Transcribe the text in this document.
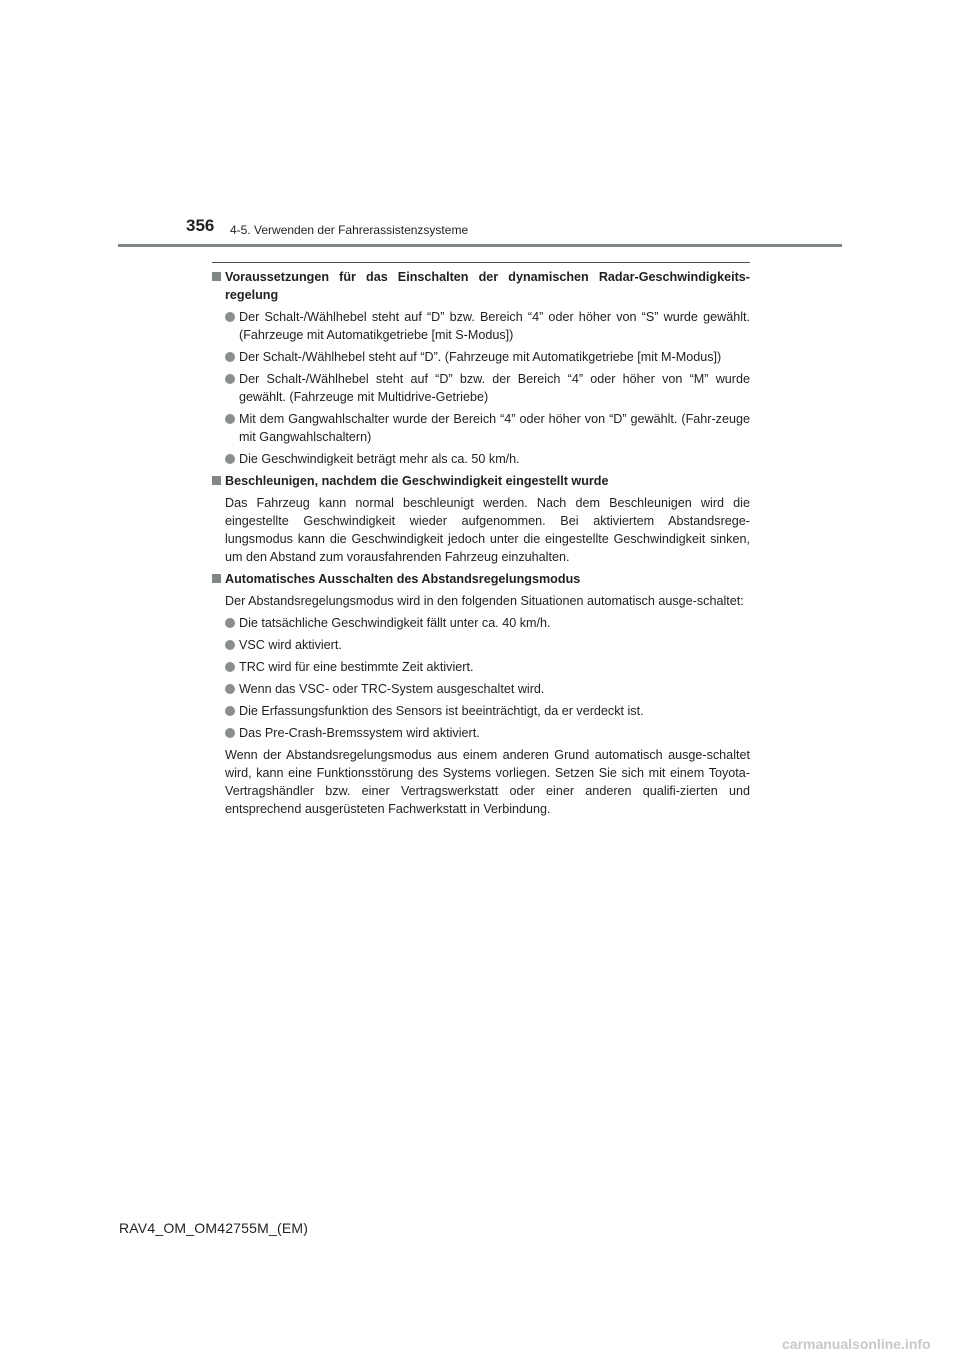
356 4-5. Verwenden der Fahrerassistenzsysteme
Voraussetzungen für das Einschalten der dynamischen Radar-Geschwindigkeits-regelung
Der Schalt-/Wählhebel steht auf “D” bzw. Bereich “4” oder höher von “S” wurde gewählt. (Fahrzeuge mit Automatikgetriebe [mit S-Modus])
Der Schalt-/Wählhebel steht auf “D”. (Fahrzeuge mit Automatikgetriebe [mit M-Modus])
Der Schalt-/Wählhebel steht auf “D” bzw. der Bereich “4” oder höher von “M” wurde gewählt. (Fahrzeuge mit Multidrive-Getriebe)
Mit dem Gangwahlschalter wurde der Bereich “4” oder höher von “D” gewählt. (Fahr-zeuge mit Gangwahlschaltern)
Die Geschwindigkeit beträgt mehr als ca. 50 km/h.
Beschleunigen, nachdem die Geschwindigkeit eingestellt wurde
Das Fahrzeug kann normal beschleunigt werden. Nach dem Beschleunigen wird die eingestellte Geschwindigkeit wieder aufgenommen. Bei aktiviertem Abstandsrege-lungsmodus kann die Geschwindigkeit jedoch unter die eingestellte Geschwindigkeit sinken, um den Abstand zum vorausfahrenden Fahrzeug einzuhalten.
Automatisches Ausschalten des Abstandsregelungsmodus
Der Abstandsregelungsmodus wird in den folgenden Situationen automatisch ausge-schaltet:
Die tatsächliche Geschwindigkeit fällt unter ca. 40 km/h.
VSC wird aktiviert.
TRC wird für eine bestimmte Zeit aktiviert.
Wenn das VSC- oder TRC-System ausgeschaltet wird.
Die Erfassungsfunktion des Sensors ist beeinträchtigt, da er verdeckt ist.
Das Pre-Crash-Bremssystem wird aktiviert.
Wenn der Abstandsregelungsmodus aus einem anderen Grund automatisch ausge-schaltet wird, kann eine Funktionsstörung des Systems vorliegen. Setzen Sie sich mit einem Toyota-Vertragshändler bzw. einer Vertragswerkstatt oder einer anderen qualifi-zierten und entsprechend ausgerüsteten Fachwerkstatt in Verbindung.
RAV4_OM_OM42755M_(EM)
carmanualsonline.info
